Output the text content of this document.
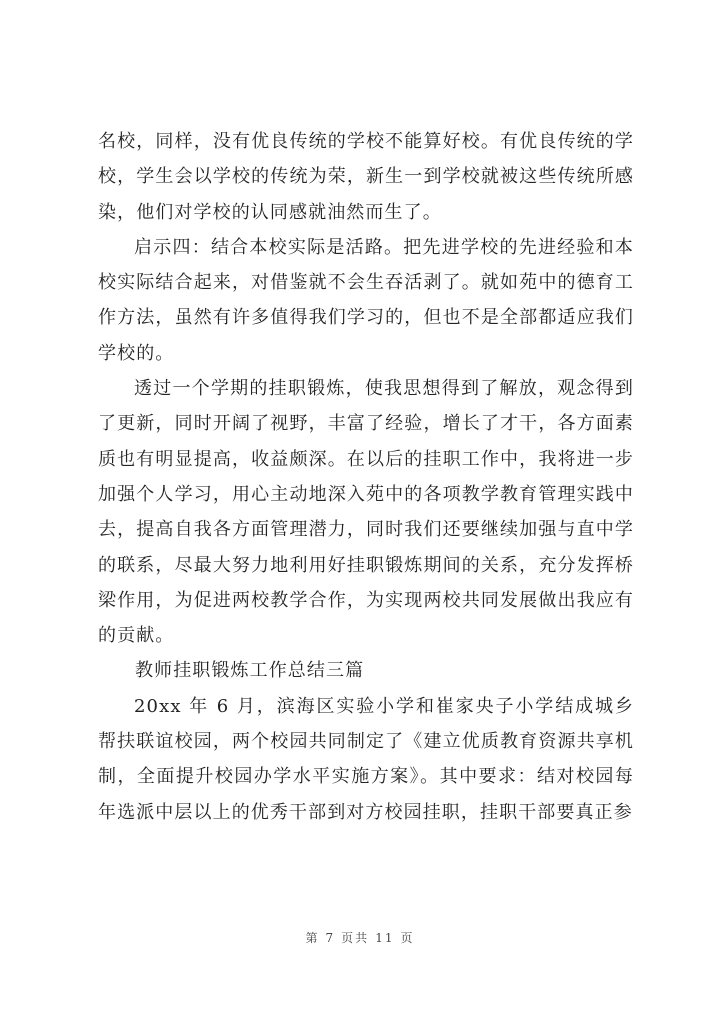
名校，同样，没有优良传统的学校不能算好校。有优良传统的学校，学生会以学校的传统为荣，新生一到学校就被这些传统所感染，他们对学校的认同感就油然而生了。

启示四：结合本校实际是活路。把先进学校的先进经验和本校实际结合起来，对借鉴就不会生吞活剥了。就如苑中的德育工作方法，虽然有许多值得我们学习的，但也不是全部都适应我们学校的。

透过一个学期的挂职锻炼，使我思想得到了解放，观念得到了更新，同时开阔了视野，丰富了经验，增长了才干，各方面素质也有明显提高，收益颇深。在以后的挂职工作中，我将进一步加强个人学习，用心主动地深入苑中的各项教学教育管理实践中去，提高自我各方面管理潜力，同时我们还要继续加强与直中学的联系，尽最大努力地利用好挂职锻炼期间的关系，充分发挥桥梁作用，为促进两校教学合作，为实现两校共同发展做出我应有的贡献。

教师挂职锻炼工作总结三篇

20xx 年 6 月，滨海区实验小学和崔家央子小学结成城乡帮扶联谊校园，两个校园共同制定了《建立优质教育资源共享机制，全面提升校园办学水平实施方案》。其中要求：结对校园每年选派中层以上的优秀干部到对方校园挂职，挂职干部要真正参

第 7 页共 11 页
